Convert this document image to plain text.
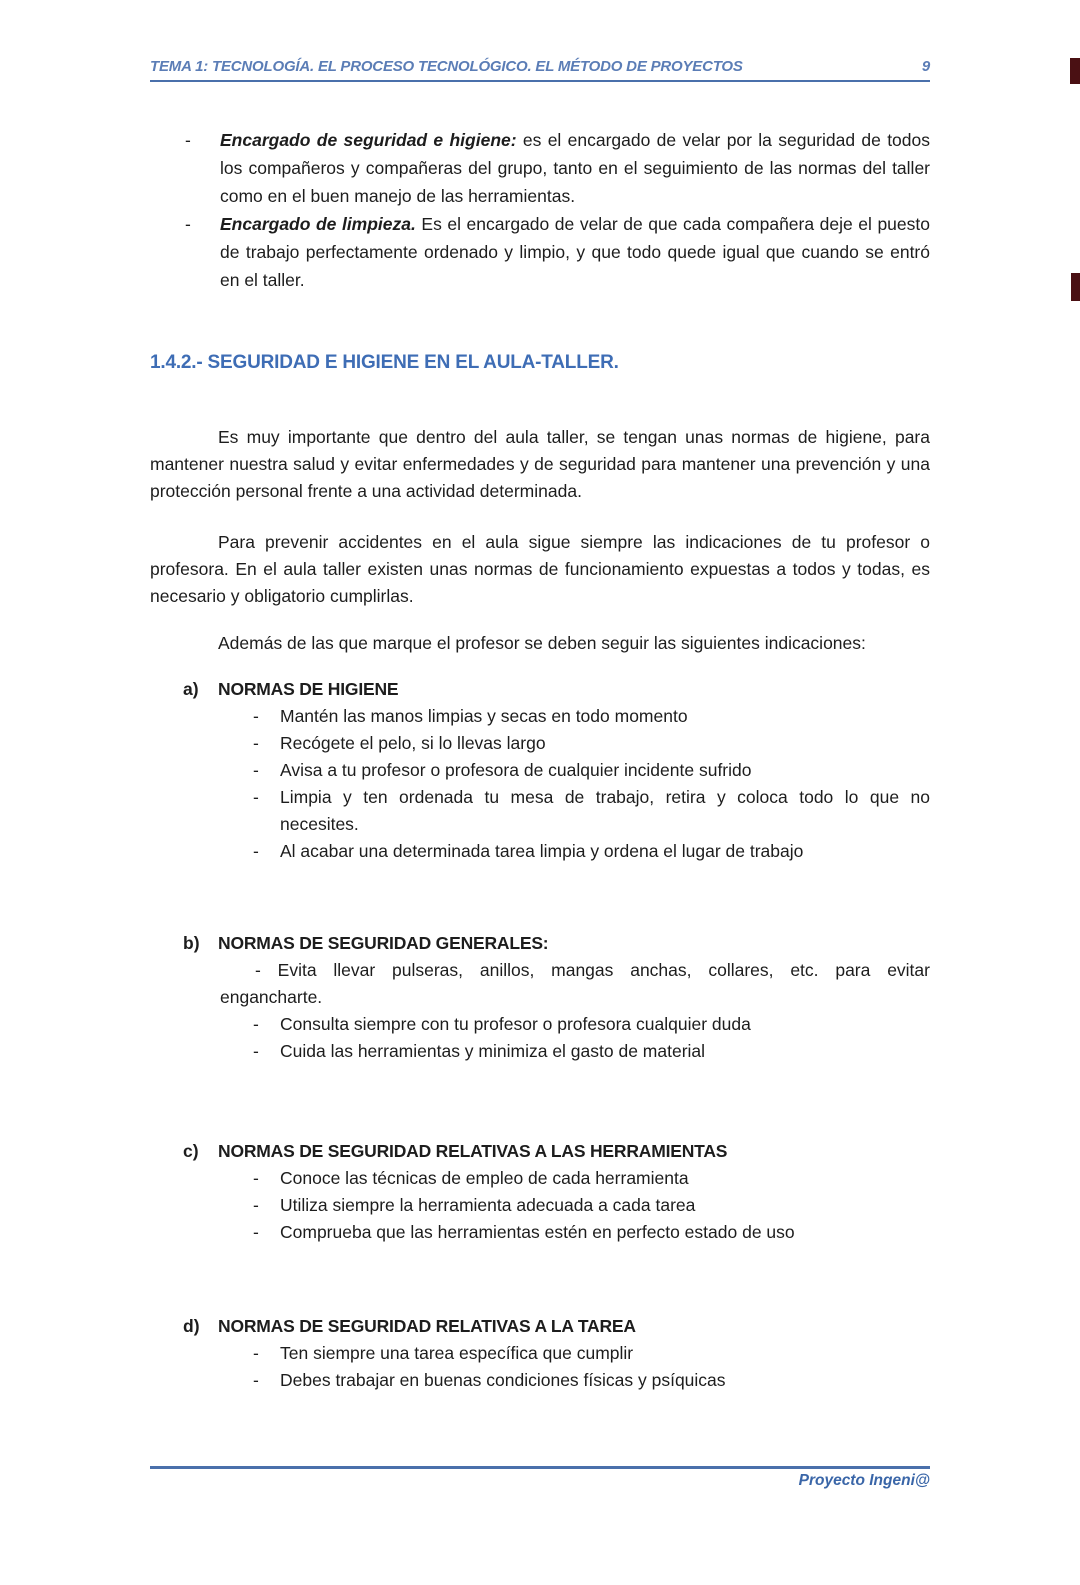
TEMA 1: TECNOLOGÍA. EL PROCESO TECNOLÓGICO. EL MÉTODO DE PROYECTOS	9
-	Encargado de seguridad e higiene: es el encargado de velar por la seguridad de todos los compañeros y compañeras del grupo, tanto en el seguimiento de las normas del taller como en el buen manejo de las herramientas.

-	Encargado de limpieza. Es el encargado de velar de que cada compañera deje el puesto de trabajo perfectamente ordenado y limpio, y que todo quede igual que cuando se entró en el taller.

1.4.2.- SEGURIDAD E HIGIENE EN EL AULA-TALLER.

Es muy importante que dentro del aula taller, se tengan unas normas de higiene, para mantener nuestra salud y evitar enfermedades y de seguridad para mantener una prevención y una protección personal frente a una actividad determinada.

Para prevenir accidentes en el aula sigue siempre las indicaciones de tu profesor o profesora. En el aula taller existen unas normas de funcionamiento expuestas a todos y todas, es necesario y obligatorio cumplirlas.

Además de las que marque el profesor se deben seguir las siguientes indicaciones:

a)	NORMAS DE HIGIENE
-	Mantén las manos limpias y secas en todo momento
-	Recógete el pelo, si lo llevas largo
-	Avisa a tu profesor o profesora de cualquier incidente sufrido
-	Limpia y ten ordenada tu mesa de trabajo, retira y coloca todo lo que no
necesites.
-	Al acabar una determinada tarea limpia y ordena el lugar de trabajo
b)	NORMAS DE SEGURIDAD GENERALES:
- Evita llevar pulseras, anillos, mangas anchas, collares, etc. para evitar
engancharte.
-	Consulta siempre con tu profesor o profesora cualquier duda
-	Cuida las herramientas y minimiza el gasto de material
c)	NORMAS DE SEGURIDAD RELATIVAS A LAS HERRAMIENTAS
-	Conoce las técnicas de empleo de cada herramienta
-	Utiliza siempre la herramienta adecuada a cada tarea
-	Comprueba que las herramientas estén en perfecto estado de uso
d)	NORMAS DE SEGURIDAD RELATIVAS A LA TAREA
-	Ten siempre una tarea específica que cumplir
-	Debes trabajar en buenas condiciones físicas y psíquicas
Proyecto Ingeni@
